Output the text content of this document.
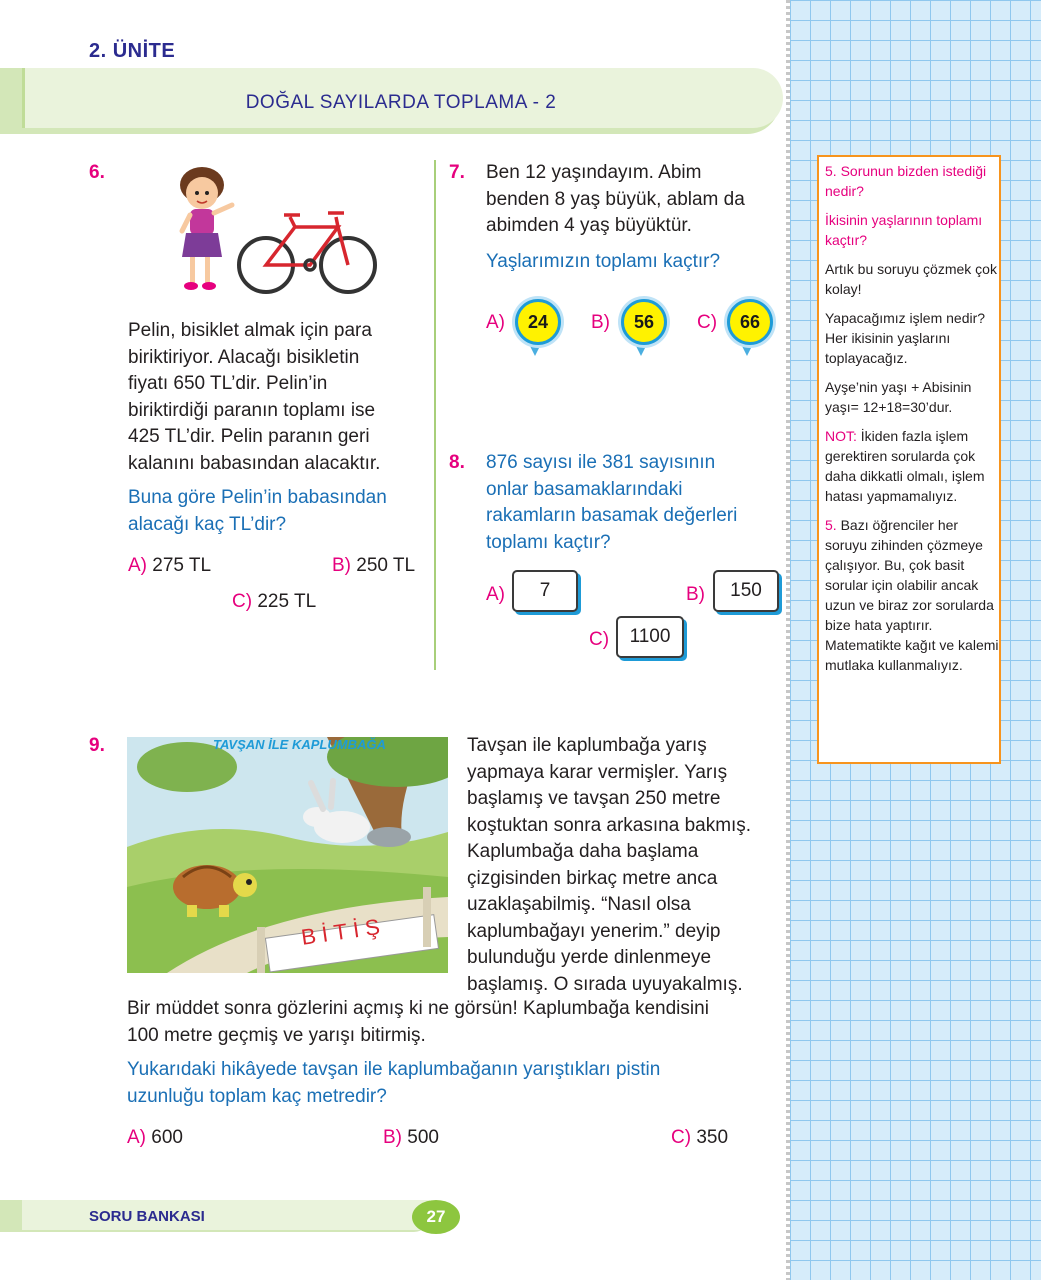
2. ÜNİTE
DOĞAL SAYILARDA TOPLAMA - 2
6.
Pelin, bisiklet almak için para
biriktiriyor. Alacağı bisikletin
fiyatı 650 TL’dir. Pelin’in
biriktirdiği paranın toplamı ise
425 TL’dir. Pelin paranın geri
kalanını babasından alacaktır.
Buna göre Pelin’in babasından
alacağı kaç TL’dir?
A) 275 TL	B) 250 TL
C) 225 TL
7. Ben 12 yaşındayım. Abim
benden 8 yaş büyük, ablam da
abimden 4 yaş büyüktür.
Yaşlarımızın toplamı kaçtır?
A)	24	B)	56	C)	66
8. 876 sayısı ile 381 sayısının
onlar basamaklarındaki
rakamların basamak değerleri
toplamı kaçtır?
A)	7	B)	150
C)	1100
9.	TAVŞAN İLE KAPLUMBAĞA
BİTİŞ
Tavşan ile kaplumbağa yarış
yapmaya karar vermişler. Yarış
başlamış ve tavşan 250 metre
koştuktan sonra arkasına bakmış.
Kaplumbağa daha başlama
çizgisinden birkaç metre anca
uzaklaşabilmiş. “Nasıl olsa
kaplumbağayı yenerim.” deyip
bulunduğu yerde dinlenmeye
başlamış. O sırada uyuyakalmış.
Bir müddet sonra gözlerini açmış ki ne görsün! Kaplumbağa kendisini
100 metre geçmiş ve yarışı bitirmiş.
Yukarıdaki hikâyede tavşan ile kaplumbağanın yarıştıkları pistin
uzunluğu toplam kaç metredir?
A) 600	B) 500	C) 350

5. Sorunun bizden istediği nedir?

İkisinin yaşlarının toplamı kaçtır?

Artık bu soruyu çözmek çok kolay!

Yapacağımız işlem nedir? Her ikisinin yaşlarını toplayacağız.

Ayşe’nin yaşı + Abisinin yaşı= 12+18=30’dur.

NOT: İkiden fazla işlem gerektiren sorularda çok daha dikkatli olmalı, işlem hatası yapmamalıyız.

5. Bazı öğrenciler her soruyu zihinden çözmeye çalışıyor. Bu, çok basit sorular için olabilir ancak uzun ve biraz zor sorularda bize hata yaptırır. Matematikte kağıt ve kalemi mutlaka kullanmalıyız.

SORU BANKASI	27
